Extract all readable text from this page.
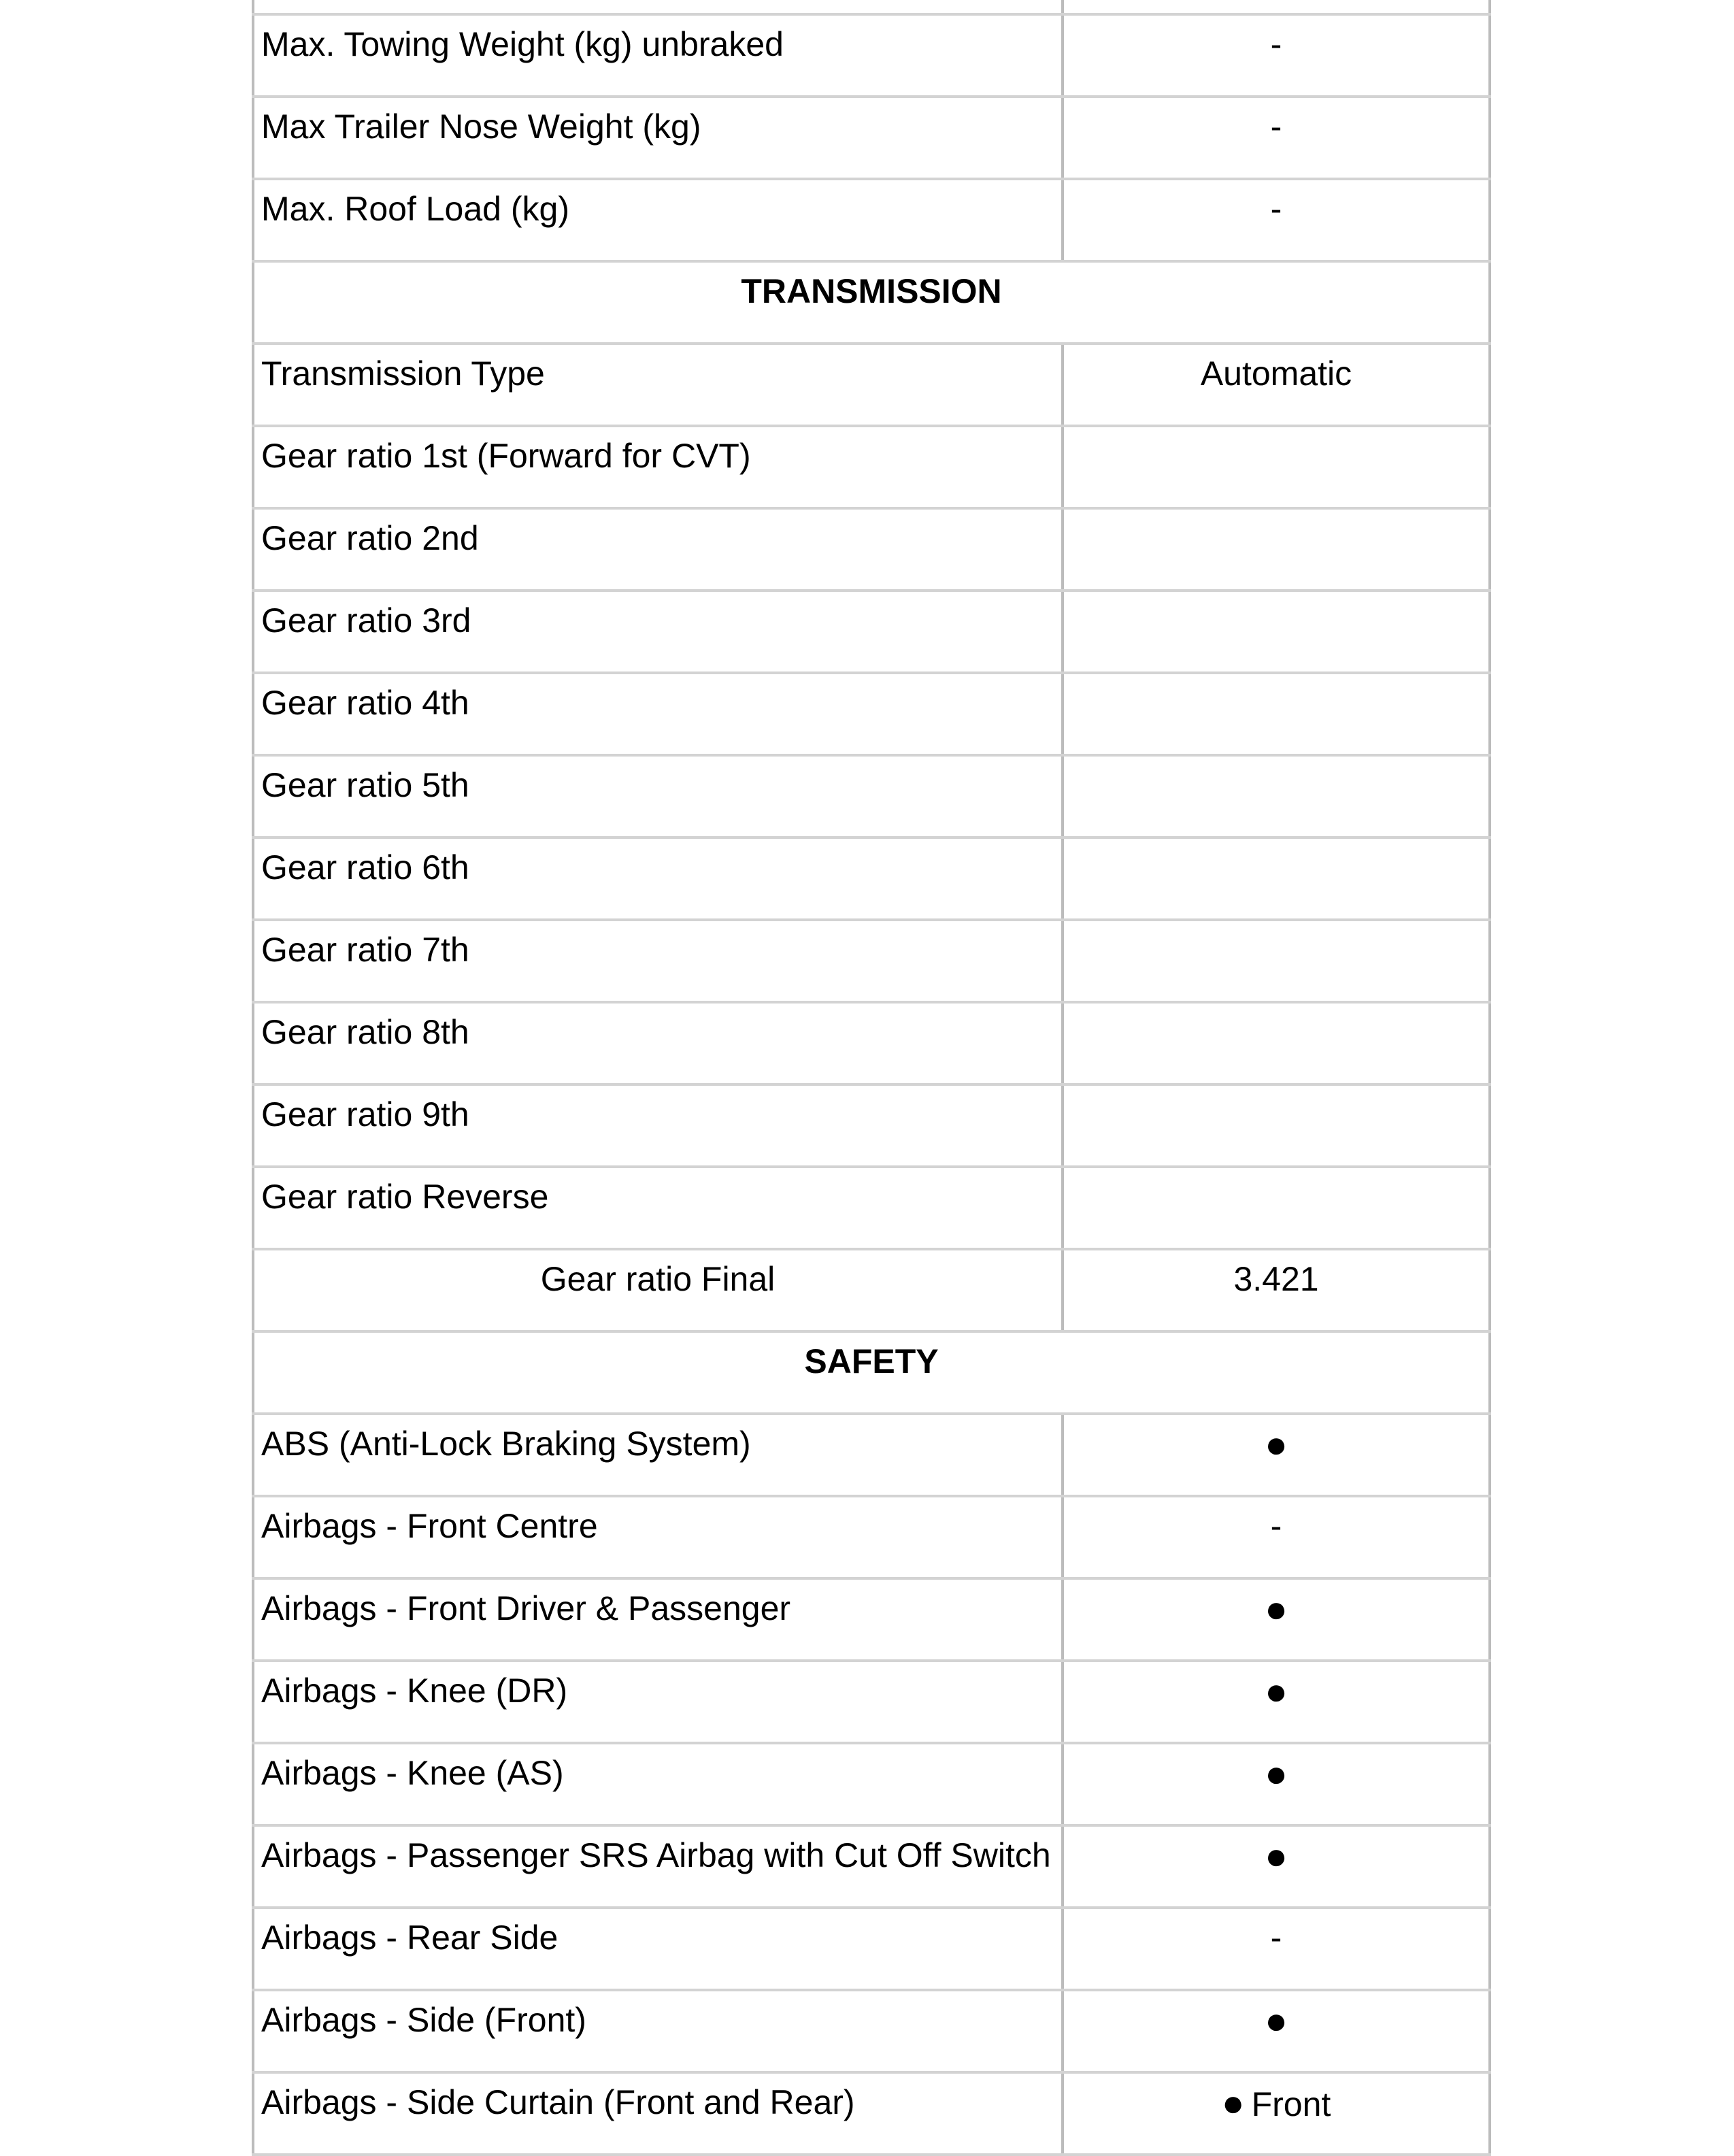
Max. Towing Weight (kg) unbraked	-
Max Trailer Nose Weight (kg)	-
Max. Roof Load (kg)	-
TRANSMISSION	
Transmission Type	Automatic
Gear ratio 1st (Forward for CVT)	
Gear ratio 2nd	
Gear ratio 3rd	
Gear ratio 4th	
Gear ratio 5th	
Gear ratio 6th	
Gear ratio 7th	
Gear ratio 8th	
Gear ratio 9th	
Gear ratio Reverse	
Gear ratio Final	3.421
SAFETY	
ABS (Anti-Lock Braking System)	●
Airbags - Front Centre	-
Airbags - Front Driver & Passenger	●
Airbags - Knee (DR)	●
Airbags - Knee (AS)	●
Airbags - Passenger SRS Airbag with Cut Off Switch	●
Airbags - Rear Side	-
Airbags - Side (Front)	●
Airbags - Side Curtain (Front and Rear)	● Front
